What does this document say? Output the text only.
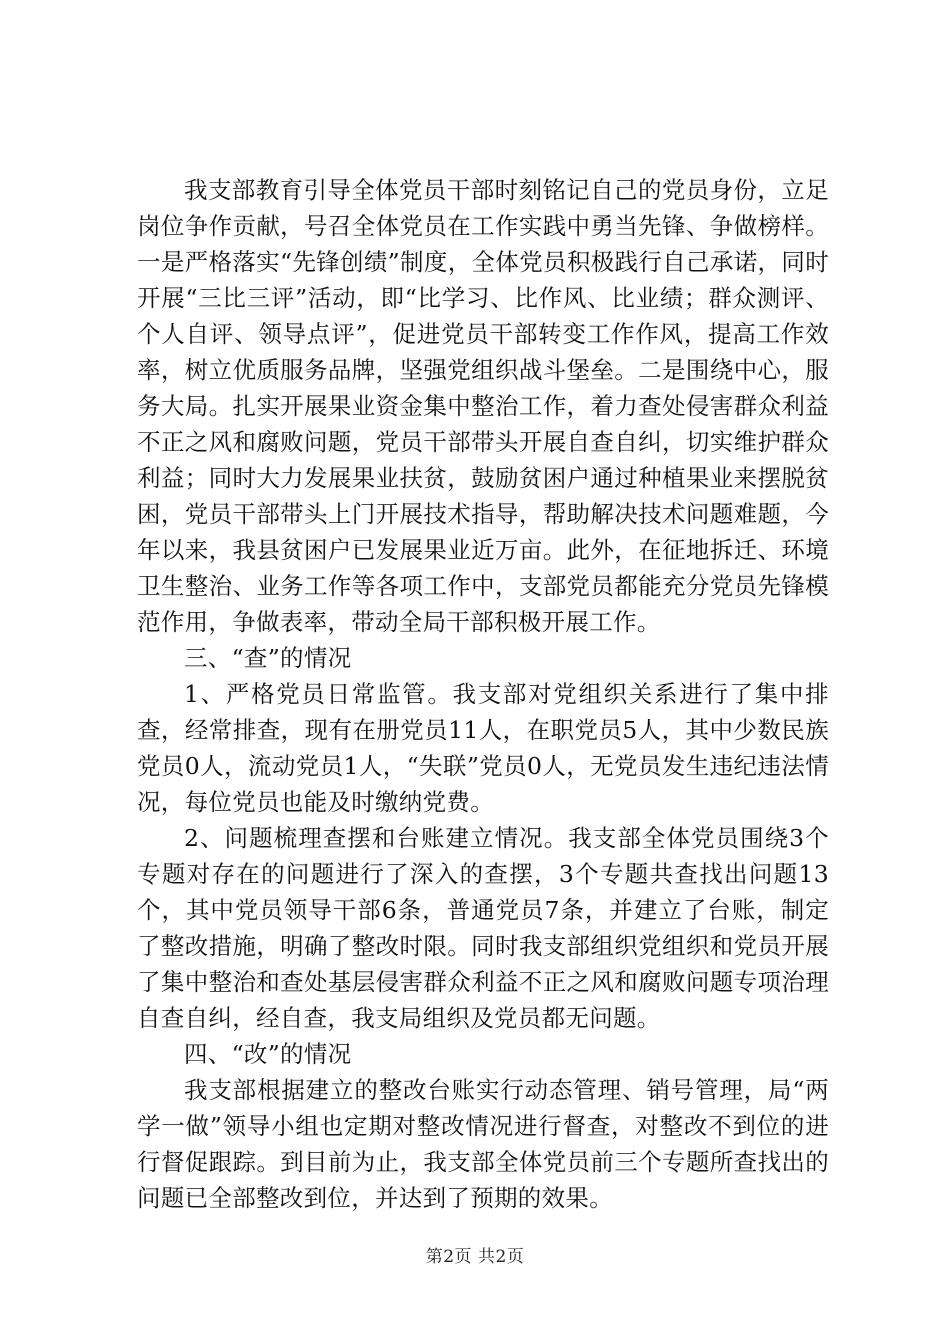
我支部教育引导全体党员干部时刻铭记自己的党员身份，立足岗位争作贡献，号召全体党员在工作实践中勇当先锋、争做榜样。一是严格落实“先锋创绩”制度，全体党员积极践行自己承诺，同时开展“三比三评”活动，即“比学习、比作风、比业绩；群众测评、个人自评、领导点评”，促进党员干部转变工作作风，提高工作效率，树立优质服务品牌，坚强党组织战斗堡垒。二是围绕中心，服务大局。扎实开展果业资金集中整治工作，着力查处侵害群众利益不正之风和腐败问题，党员干部带头开展自查自纠，切实维护群众利益；同时大力发展果业扶贫，鼓励贫困户通过种植果业来摆脱贫困，党员干部带头上门开展技术指导，帮助解决技术问题难题，今年以来，我县贫困户已发展果业近万亩。此外，在征地拆迁、环境卫生整治、业务工作等各项工作中，支部党员都能充分党员先锋模范作用，争做表率，带动全局干部积极开展工作。

三、“查”的情况

1、严格党员日常监管。我支部对党组织关系进行了集中排查，经常排查，现有在册党员11人，在职党员5人，其中少数民族党员0人，流动党员1人，“失联”党员0人，无党员发生违纪违法情况，每位党员也能及时缴纳党费。

2、问题梳理查摆和台账建立情况。我支部全体党员围绕3个专题对存在的问题进行了深入的查摆，3个专题共查找出问题13个，其中党员领导干部6条，普通党员7条，并建立了台账，制定了整改措施，明确了整改时限。同时我支部组织党组织和党员开展了集中整治和查处基层侵害群众利益不正之风和腐败问题专项治理自查自纠，经自查，我支局组织及党员都无问题。

四、“改”的情况

我支部根据建立的整改台账实行动态管理、销号管理，局“两学一做”领导小组也定期对整改情况进行督查，对整改不到位的进行督促跟踪。到目前为止，我支部全体党员前三个专题所查找出的问题已全部整改到位，并达到了预期的效果。

第2页 共2页
